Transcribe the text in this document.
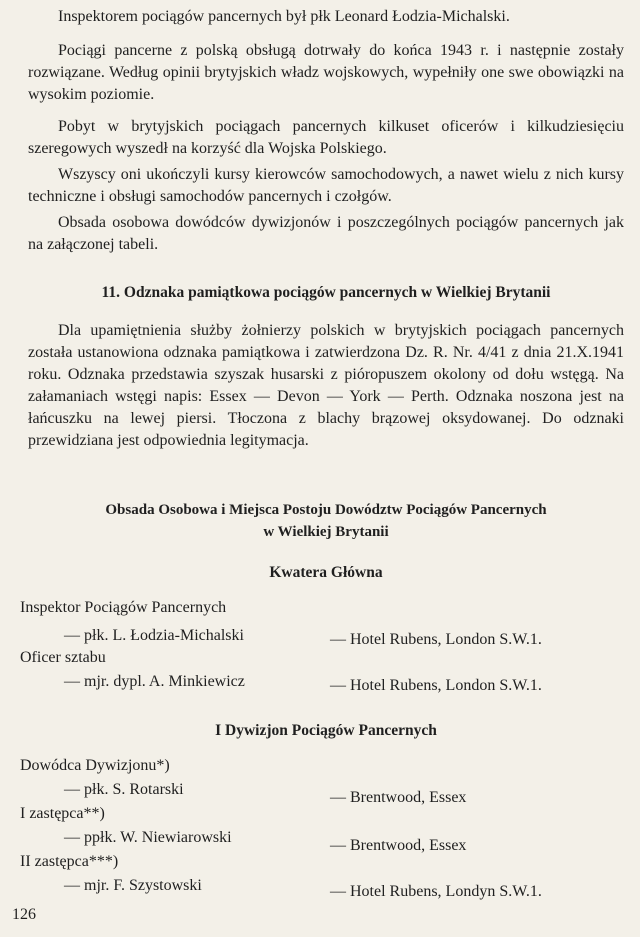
Inspektorem pociągów pancernych był płk Leonard Łodzia-Michalski.

Pociągi pancerne z polską obsługą dotrwały do końca 1943 r. i następnie zostały rozwiązane. Według opinii brytyjskich władz wojskowych, wypełniły one swe obowiązki na wysokim poziomie.

Pobyt w brytyjskich pociągach pancernych kilkuset oficerów i kilkudziesięciu szeregowych wyszedł na korzyść dla Wojska Polskiego.

Wszyscy oni ukończyli kursy kierowców samochodowych, a nawet wielu z nich kursy techniczne i obsługi samochodów pancernych i czołgów.

Obsada osobowa dowódców dywizjonów i poszczególnych pociągów pancernych jak na załączonej tabeli.

11. Odznaka pamiątkowa pociągów pancernych w Wielkiej Brytanii

Dla upamiętnienia służby żołnierzy polskich w brytyjskich pociągach pancernych została ustanowiona odznaka pamiątkowa i zatwierdzona Dz. R. Nr. 4/41 z dnia 21.X.1941 roku. Odznaka przedstawia szyszak husarski z pióropuszem okolony od dołu wstęgą. Na załamaniach wstęgi napis: Essex — Devon — York — Perth. Odznaka noszona jest na łańcuszku na lewej piersi. Tłoczona z blachy brązowej oksydowanej. Do odznaki przewidziana jest odpowiednia legitymacja.

Obsada Osobowa i Miejsca Postoju Dowództw Pociągów Pancernych

w Wielkiej Brytanii

Kwatera Główna

Inspektor Pociągów Pancernych
— płk. L. Łodzia-Michalski	— Hotel Rubens, London S.W.1.
Oficer sztabu
— mjr. dypl. A. Minkiewicz	— Hotel Rubens, London S.W.1.

I Dywizjon Pociągów Pancernych

Dowódca Dywizjonu*)
— płk. S. Rotarski	— Brentwood, Essex
I zastępca**)
— ppłk. W. Niewiarowski	— Brentwood, Essex
II zastępca***)
— mjr. F. Szystowski	— Hotel Rubens, Londyn S.W.1.
126
